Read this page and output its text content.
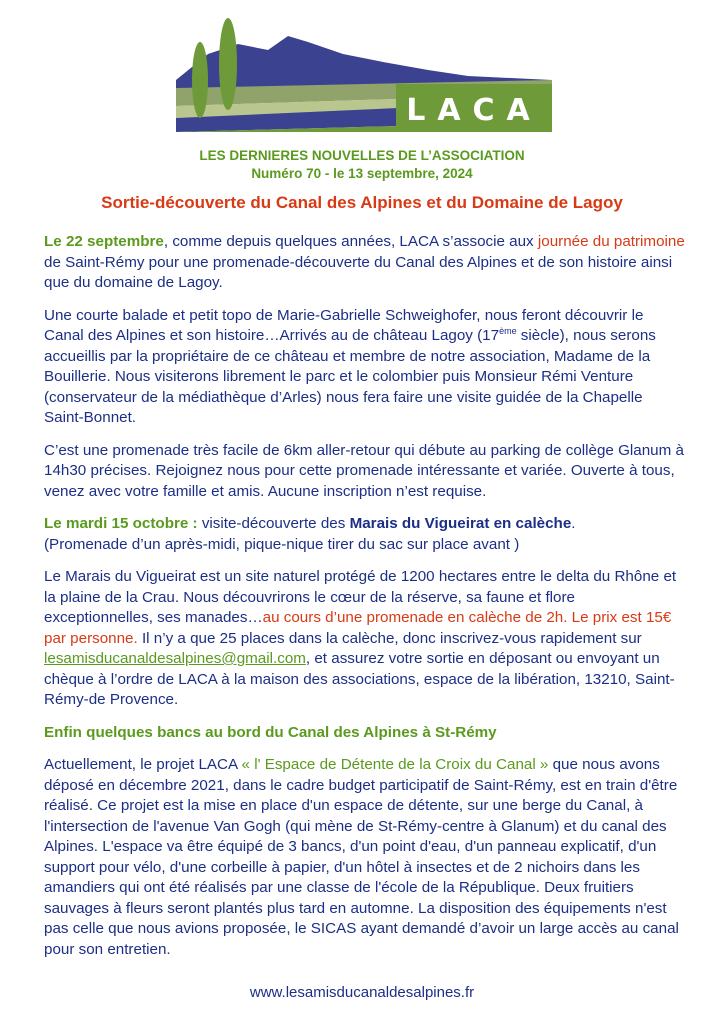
LACA
LES DERNIERES NOUVELLES DE L’ASSOCIATION
Numéro 70 - le 13 septembre, 2024
Sortie-découverte du Canal des Alpines et du Domaine de Lagoy

Le 22 septembre, comme depuis quelques années, LACA s’associe aux journée du patrimoine de Saint-Rémy pour une promenade-découverte du Canal des Alpines et de son histoire ainsi que du domaine de Lagoy.

Une courte balade et petit topo de Marie-Gabrielle Schweighofer, nous feront découvrir le Canal des Alpines et son histoire…Arrivés au de château Lagoy (17ème siècle), nous serons accueillis par la propriétaire de ce château et membre de notre association, Madame de la Bouillerie. Nous visiterons librement le parc et le colombier puis Monsieur Rémi Venture (conservateur de la médiathèque d’Arles) nous fera faire une visite guidée de la Chapelle Saint-Bonnet.

C’est une promenade très facile de 6km aller-retour qui débute au parking de collège Glanum à 14h30 précises. Rejoignez nous pour cette promenade intéressante et variée. Ouverte à tous, venez avec votre famille et amis. Aucune inscription n’est requise.

Le mardi 15 octobre : visite-découverte des Marais du Vigueirat en calèche.
(Promenade d’un après-midi, pique-nique tirer du sac sur place avant )

Le Marais du Vigueirat est un site naturel protégé de 1200 hectares entre le delta du Rhône et la plaine de la Crau. Nous découvrirons le cœur de la réserve, sa faune et flore exceptionnelles, ses manades…au cours d’une promenade en calèche de 2h. Le prix est 15€ par personne. Il n’y a que 25 places dans la calèche, donc inscrivez-vous rapidement sur lesamisducanaldesalpines@gmail.com, et assurez votre sortie en déposant ou envoyant un chèque à l’ordre de LACA à la maison des associations, espace de la libération, 13210, Saint-Rémy-de Provence.

Enfin quelques bancs au bord du Canal des Alpines à St-Rémy

Actuellement, le projet LACA « l' Espace de Détente de la Croix du Canal » que nous avons déposé en décembre 2021, dans le cadre budget participatif de Saint-Rémy, est en train d'être réalisé. Ce projet est la mise en place d'un espace de détente, sur une berge du Canal, à l'intersection de l'avenue Van Gogh (qui mène de St-Rémy-centre à Glanum) et du canal des Alpines. L'espace va être équipé de 3 bancs, d'un point d'eau, d'un panneau explicatif, d'un support pour vélo, d'une corbeille à papier, d'un hôtel à insectes et de 2 nichoirs dans les amandiers qui ont été réalisés par une classe de l'école de la République. Deux fruitiers sauvages à fleurs seront plantés plus tard en automne. La disposition des équipements n'est pas celle que nous avions proposée, le SICAS ayant demandé d’avoir un large accès au canal pour son entretien.

www.lesamisducanaldesalpines.fr
